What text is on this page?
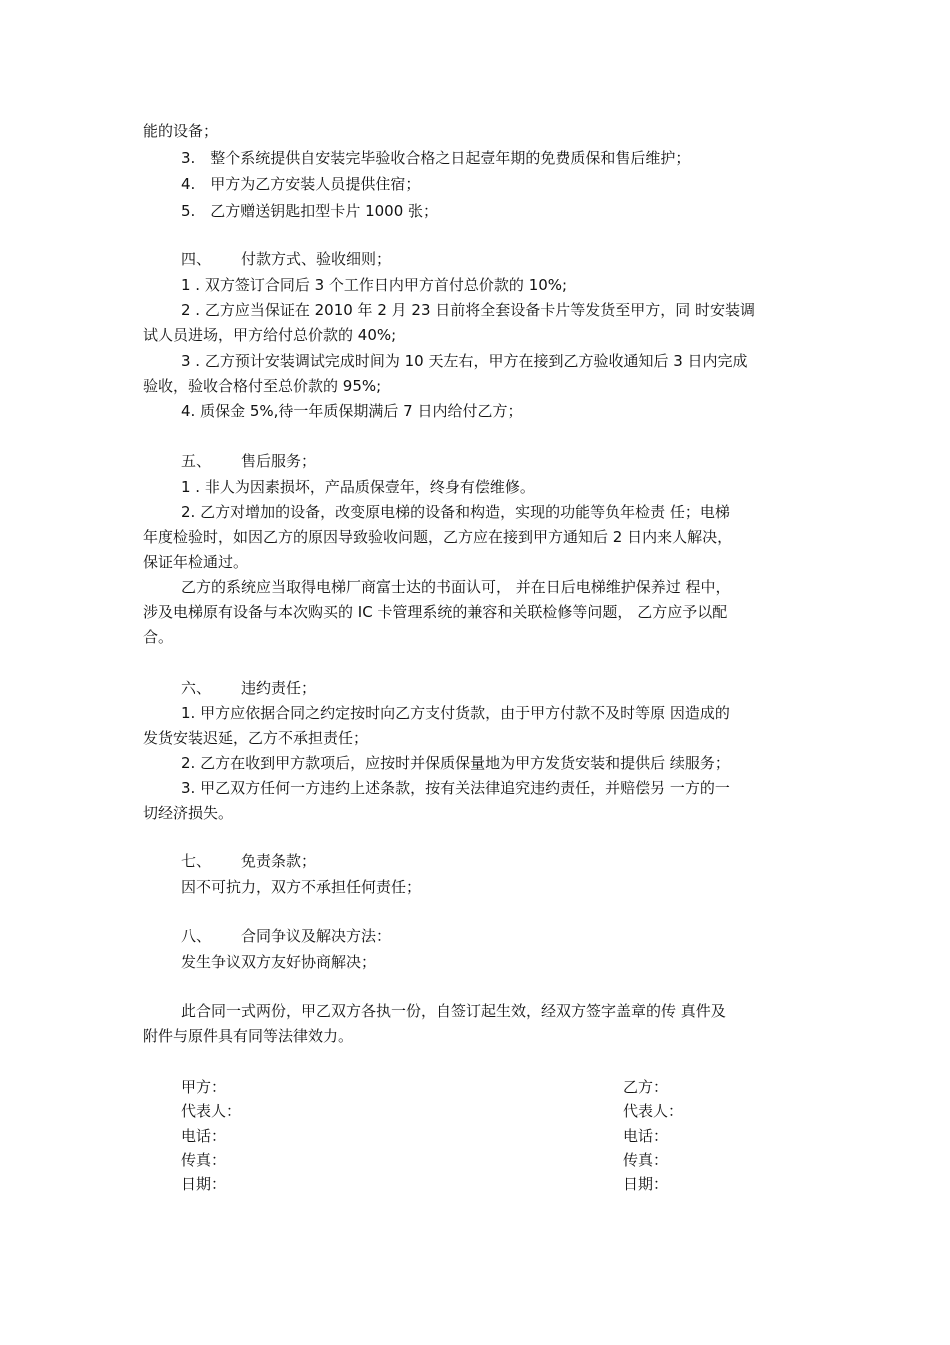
能的设备；
3.　整个系统提供自安装完毕验收合格之日起壹年期的免费质保和售后维护；
4.　甲方为乙方安装人员提供住宿；
5.　乙方赠送钥匙扣型卡片 1000 张；
四、 付款方式、验收细则；
1 . 双方签订合同后 3 个工作日内甲方首付总价款的 10%;
2 . 乙方应当保证在 2010 年 2 月 23 日前将全套设备卡片等发货至甲方，同 时安装调
试人员进场，甲方给付总价款的 40%;
3 . 乙方预计安装调试完成时间为 10 天左右，甲方在接到乙方验收通知后 3 日内完成
验收，验收合格付至总价款的 95%;
4. 质保金 5%,待一年质保期满后 7 日内给付乙方；
五、 售后服务；
1 . 非人为因素损坏，产品质保壹年，终身有偿维修。
2. 乙方对增加的设备，改变原电梯的设备和构造，实现的功能等负年检责 任；电梯
年度检验时，如因乙方的原因导致验收问题，乙方应在接到甲方通知后 2 日内来人解决，
保证年检通过。
乙方的系统应当取得电梯厂商富士达的书面认可， 并在日后电梯维护保养过 程中，
涉及电梯原有设备与本次购买的 IC 卡管理系统的兼容和关联检修等问题， 乙方应予以配
合。
六、 违约责任；
1. 甲方应依据合同之约定按时向乙方支付货款，由于甲方付款不及时等原 因造成的
发货安装迟延，乙方不承担责任；
2. 乙方在收到甲方款项后，应按时并保质保量地为甲方发货安装和提供后 续服务；
3. 甲乙双方任何一方违约上述条款，按有关法律追究违约责任，并赔偿另 一方的一
切经济损失。
七、 免责条款；
因不可抗力，双方不承担任何责任；
八、 合同争议及解决方法：
发生争议双方友好协商解决；
此合同一式两份，甲乙双方各执一份，自签订起生效，经双方签字盖章的传 真件及
附件与原件具有同等法律效力。
甲方：
代表人：
电话：
传真：
日期：
乙方：
代表人：
电话：
传真：
日期：
